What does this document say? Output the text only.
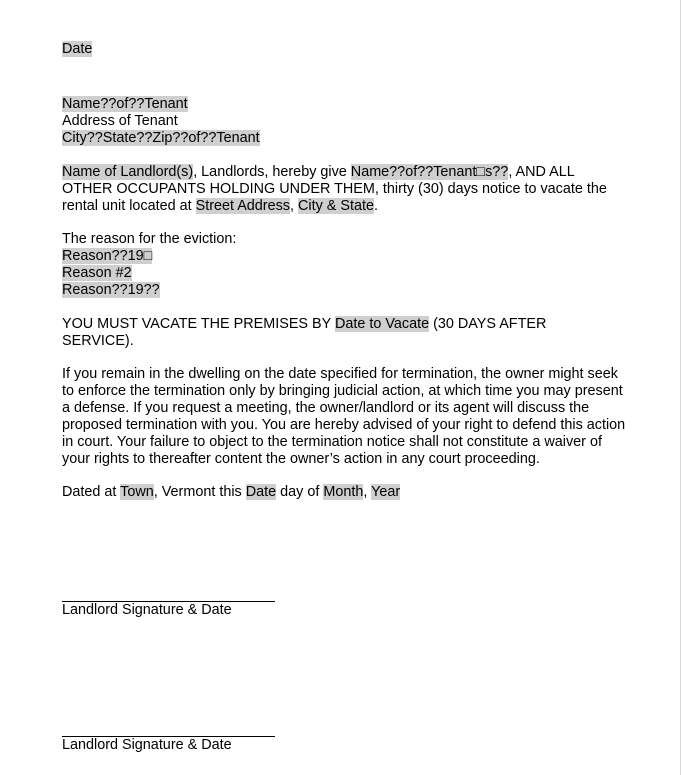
Date
Name??of??Tenant
Address of Tenant
City??State??Zip??of??Tenant
Name of Landlord(s), Landlords, hereby give Name??of??Tenant□s??, AND ALL
OTHER OCCUPANTS HOLDING UNDER THEM, thirty (30) days notice to vacate the
rental unit located at Street Address, City & State.
The reason for the eviction:
Reason??19□
Reason #2
Reason??19??
YOU MUST VACATE THE PREMISES BY Date to Vacate (30 DAYS AFTER
SERVICE).
If you remain in the dwelling on the date specified for termination, the owner might seek
to enforce the termination only by bringing judicial action, at which time you may present
a defense. If you request a meeting, the owner/landlord or its agent will discuss the
proposed termination with you. You are hereby advised of your right to defend this action
in court. Your failure to object to the termination notice shall not constitute a waiver of
your rights to thereafter content the owner’s action in any court proceeding.
Dated at Town, Vermont this Date day of Month, Year
Landlord Signature & Date
Landlord Signature & Date
